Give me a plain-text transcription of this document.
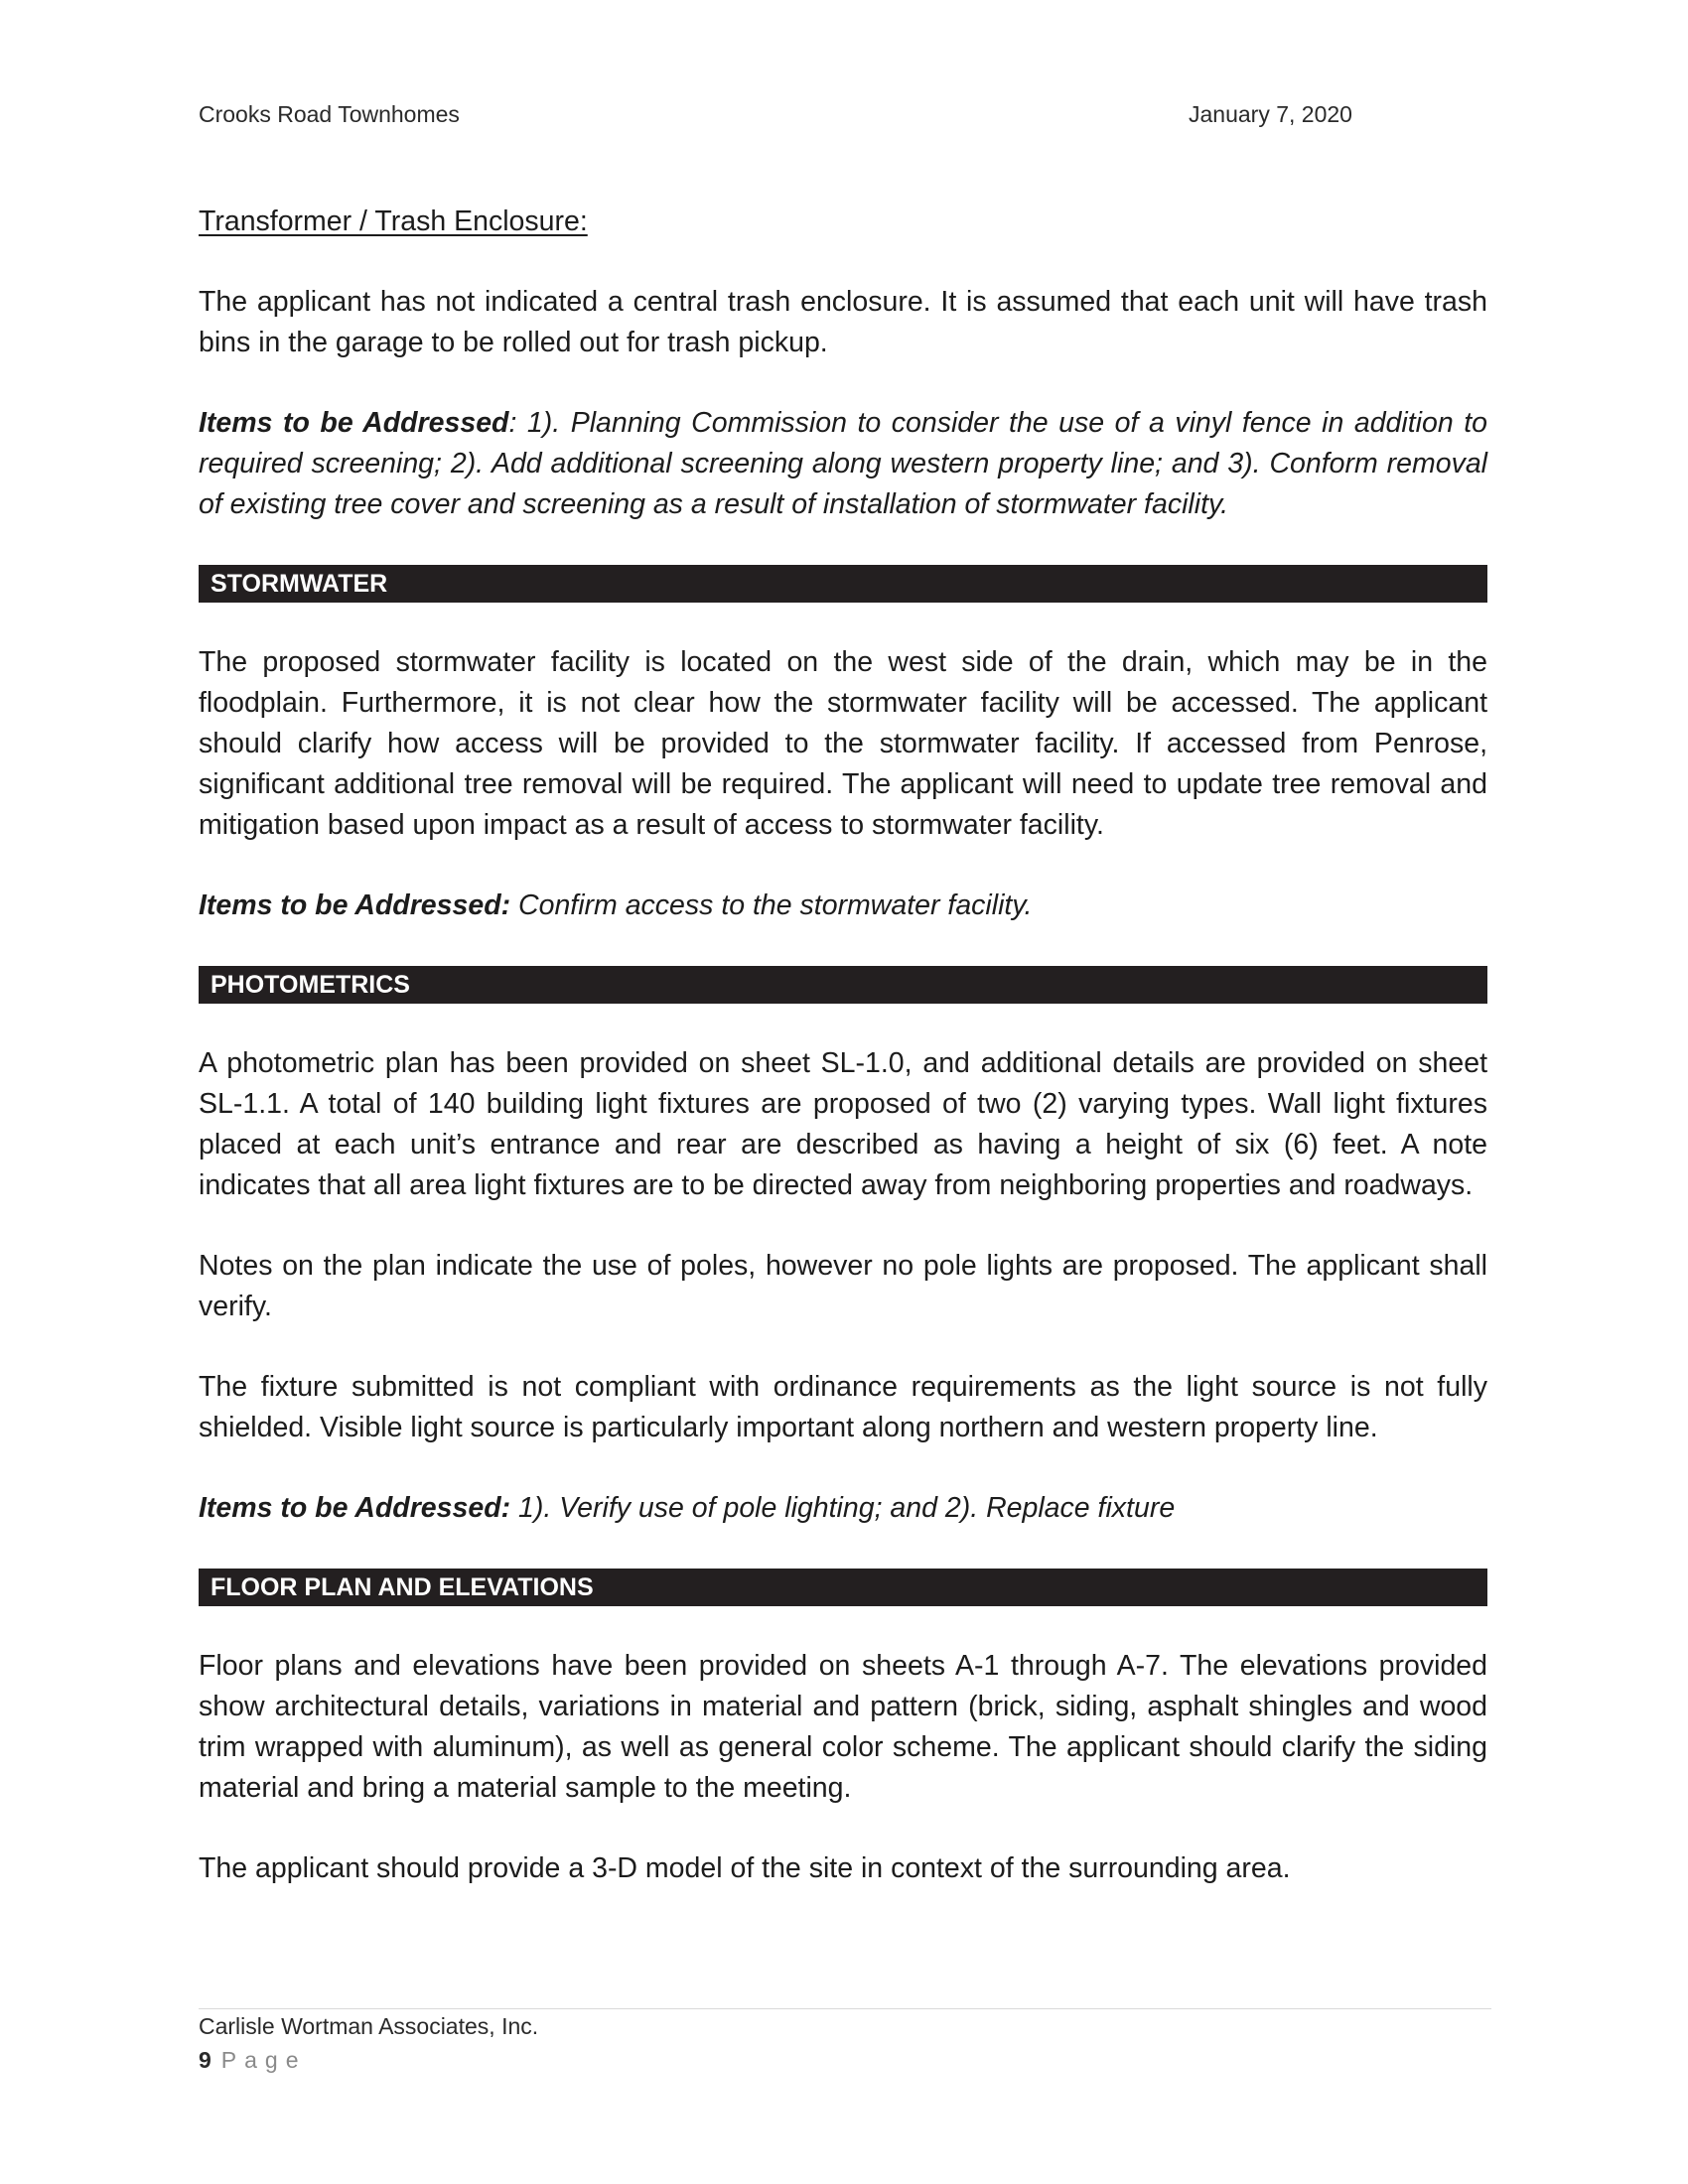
Crooks Road Townhomes	January 7, 2020
Transformer / Trash Enclosure:

The applicant has not indicated a central trash enclosure. It is assumed that each unit will have trash bins in the garage to be rolled out for trash pickup.

Items to be Addressed: 1). Planning Commission to consider the use of a vinyl fence in addition to required screening; 2). Add additional screening along western property line; and 3). Conform removal of existing tree cover and screening as a result of installation of stormwater facility.

STORMWATER

The proposed stormwater facility is located on the west side of the drain, which may be in the floodplain. Furthermore, it is not clear how the stormwater facility will be accessed. The applicant should clarify how access will be provided to the stormwater facility. If accessed from Penrose, significant additional tree removal will be required. The applicant will need to update tree removal and mitigation based upon impact as a result of access to stormwater facility.

Items to be Addressed: Confirm access to the stormwater facility.

PHOTOMETRICS

A photometric plan has been provided on sheet SL-1.0, and additional details are provided on sheet SL-1.1. A total of 140 building light fixtures are proposed of two (2) varying types. Wall light fixtures placed at each unit’s entrance and rear are described as having a height of six (6) feet. A note indicates that all area light fixtures are to be directed away from neighboring properties and roadways.

Notes on the plan indicate the use of poles, however no pole lights are proposed. The applicant shall verify.

The fixture submitted is not compliant with ordinance requirements as the light source is not fully shielded. Visible light source is particularly important along northern and western property line.

Items to be Addressed: 1). Verify use of pole lighting; and 2). Replace fixture

FLOOR PLAN AND ELEVATIONS

Floor plans and elevations have been provided on sheets A-1 through A-7. The elevations provided show architectural details, variations in material and pattern (brick, siding, asphalt shingles and wood trim wrapped with aluminum), as well as general color scheme. The applicant should clarify the siding material and bring a material sample to the meeting.

The applicant should provide a 3-D model of the site in context of the surrounding area.

Carlisle Wortman Associates, Inc.
9 Page
